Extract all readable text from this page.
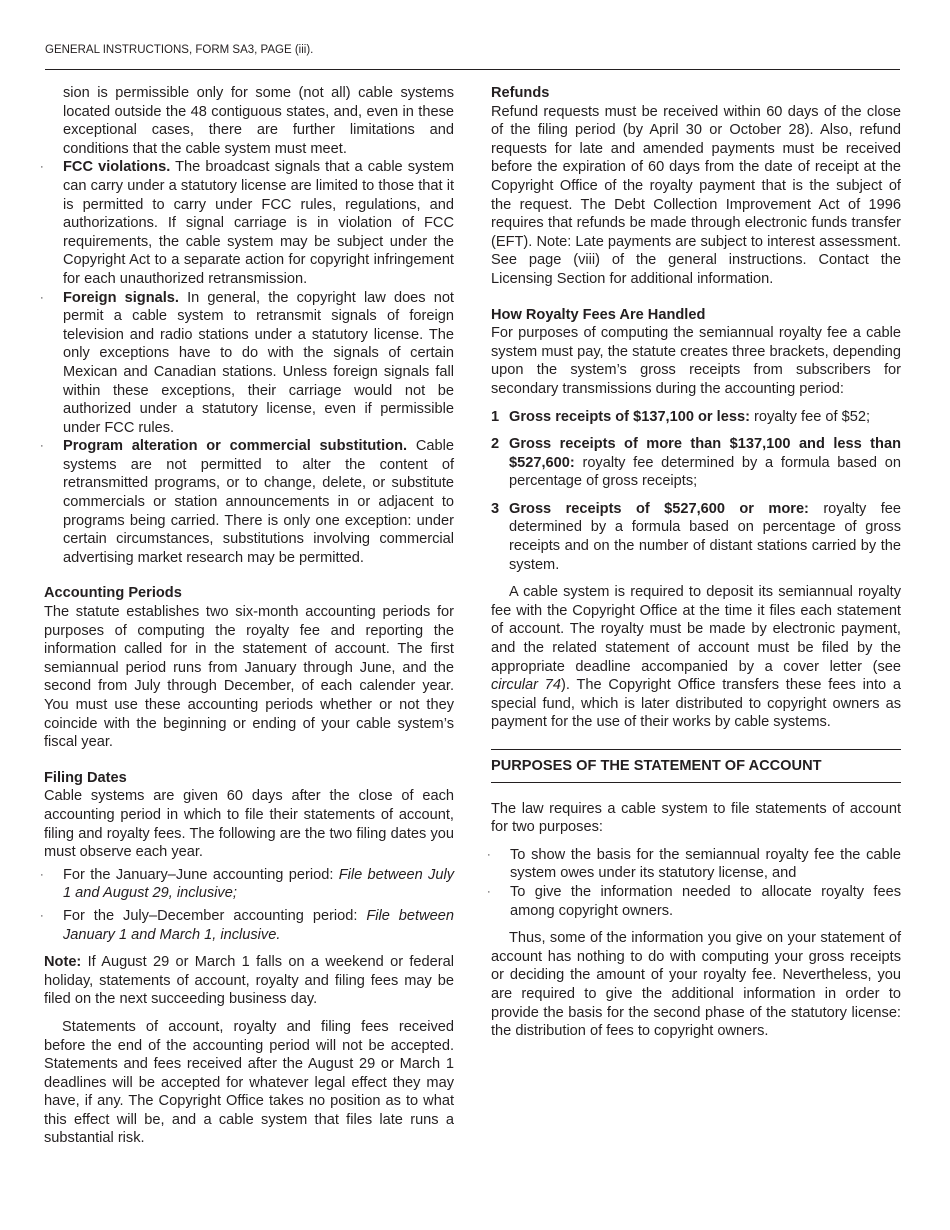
GENERAL INSTRUCTIONS, FORM SA3, PAGE (iii).

sion is permissible only for some (not all) cable systems located outside the 48 contiguous states, and, even in these exceptional cases, there are further limitations and conditions that the cable system must meet.

· FCC violations. The broadcast signals that a cable system can carry under a statutory license are limited to those that it is permitted to carry under FCC rules, regulations, and authorizations. If signal carriage is in violation of FCC requirements, the cable system may be subject under the Copyright Act to a separate action for copyright infringement for each unauthorized retransmission.
· Foreign signals. In general, the copyright law does not permit a cable system to retransmit signals of foreign television and radio stations under a statutory license. The only exceptions have to do with the signals of certain Mexican and Canadian stations. Unless foreign signals fall within these exceptions, their carriage would not be authorized under a statutory license, even if permissible under FCC rules.
· Program alteration or commercial substitution. Cable systems are not permitted to alter the content of retransmitted programs, or to change, delete, or substitute commercials or station announcements in or adjacent to programs being carried. There is only one exception: under certain circumstances, substitutions involving commercial advertising market research may be permitted.
Accounting Periods

The statute establishes two six-month accounting periods for purposes of computing the royalty fee and reporting the information called for in the statement of account. The first semiannual period runs from January through June, and the second from July through December, of each calender year. You must use these accounting periods whether or not they coincide with the beginning or ending of your cable system’s fiscal year.

Filing Dates

Cable systems are given 60 days after the close of each accounting period in which to file their statements of account, filing and royalty fees. The following are the two filing dates you must observe each year.

· For the January–June accounting period: File between July 1 and August 29, inclusive;
· For the July–December accounting period: File between January 1 and March 1, inclusive.

Note: If August 29 or March 1 falls on a weekend or federal holiday, statements of account, royalty and filing fees may be filed on the next succeeding business day.

Statements of account, royalty and filing fees received before the end of the accounting period will not be accepted. Statements and fees received after the August 29 or March 1 deadlines will be accepted for whatever legal effect they may have, if any. The Copyright Office takes no position as to what this effect will be, and a cable system that files late runs a substantial risk.

Refunds

Refund requests must be received within 60 days of the close of the filing period (by April 30 or October 28). Also, refund requests for late and amended payments must be received before the expiration of 60 days from the date of receipt at the Copyright Office of the royalty payment that is the subject of the request. The Debt Collection Improvement Act of 1996 requires that refunds be made through electronic funds transfer (EFT). Note: Late payments are subject to interest assessment. See page (viii) of the general instructions. Contact the Licensing Section for additional information.

How Royalty Fees Are Handled

For purposes of computing the semiannual royalty fee a cable system must pay, the statute creates three brackets, depending upon the system’s gross receipts from subscribers for secondary transmissions during the accounting period:

1 Gross receipts of $137,100 or less: royalty fee of $52;
2 Gross receipts of more than $137,100 and less than $527,600: royalty fee determined by a formula based on percentage of gross receipts;
3 Gross receipts of $527,600 or more: royalty fee determined by a formula based on percentage of gross receipts and on the number of distant stations carried by the system.

A cable system is required to deposit its semiannual royalty fee with the Copyright Office at the time it files each statement of account. The royalty must be made by electronic payment, and the related statement of account must be filed by the appropriate deadline accompanied by a cover letter (see circular 74). The Copyright Office transfers these fees into a special fund, which is later distributed to copyright owners as payment for the use of their works by cable systems.

PURPOSES OF THE STATEMENT OF ACCOUNT

The law requires a cable system to file statements of account for two purposes:

· To show the basis for the semiannual royalty fee the cable system owes under its statutory license, and
· To give the information needed to allocate royalty fees among copyright owners.

Thus, some of the information you give on your statement of account has nothing to do with computing your gross receipts or deciding the amount of your royalty fee. Nevertheless, you are required to give the additional information in order to provide the basis for the second phase of the statutory license: the distribution of fees to copyright owners.
